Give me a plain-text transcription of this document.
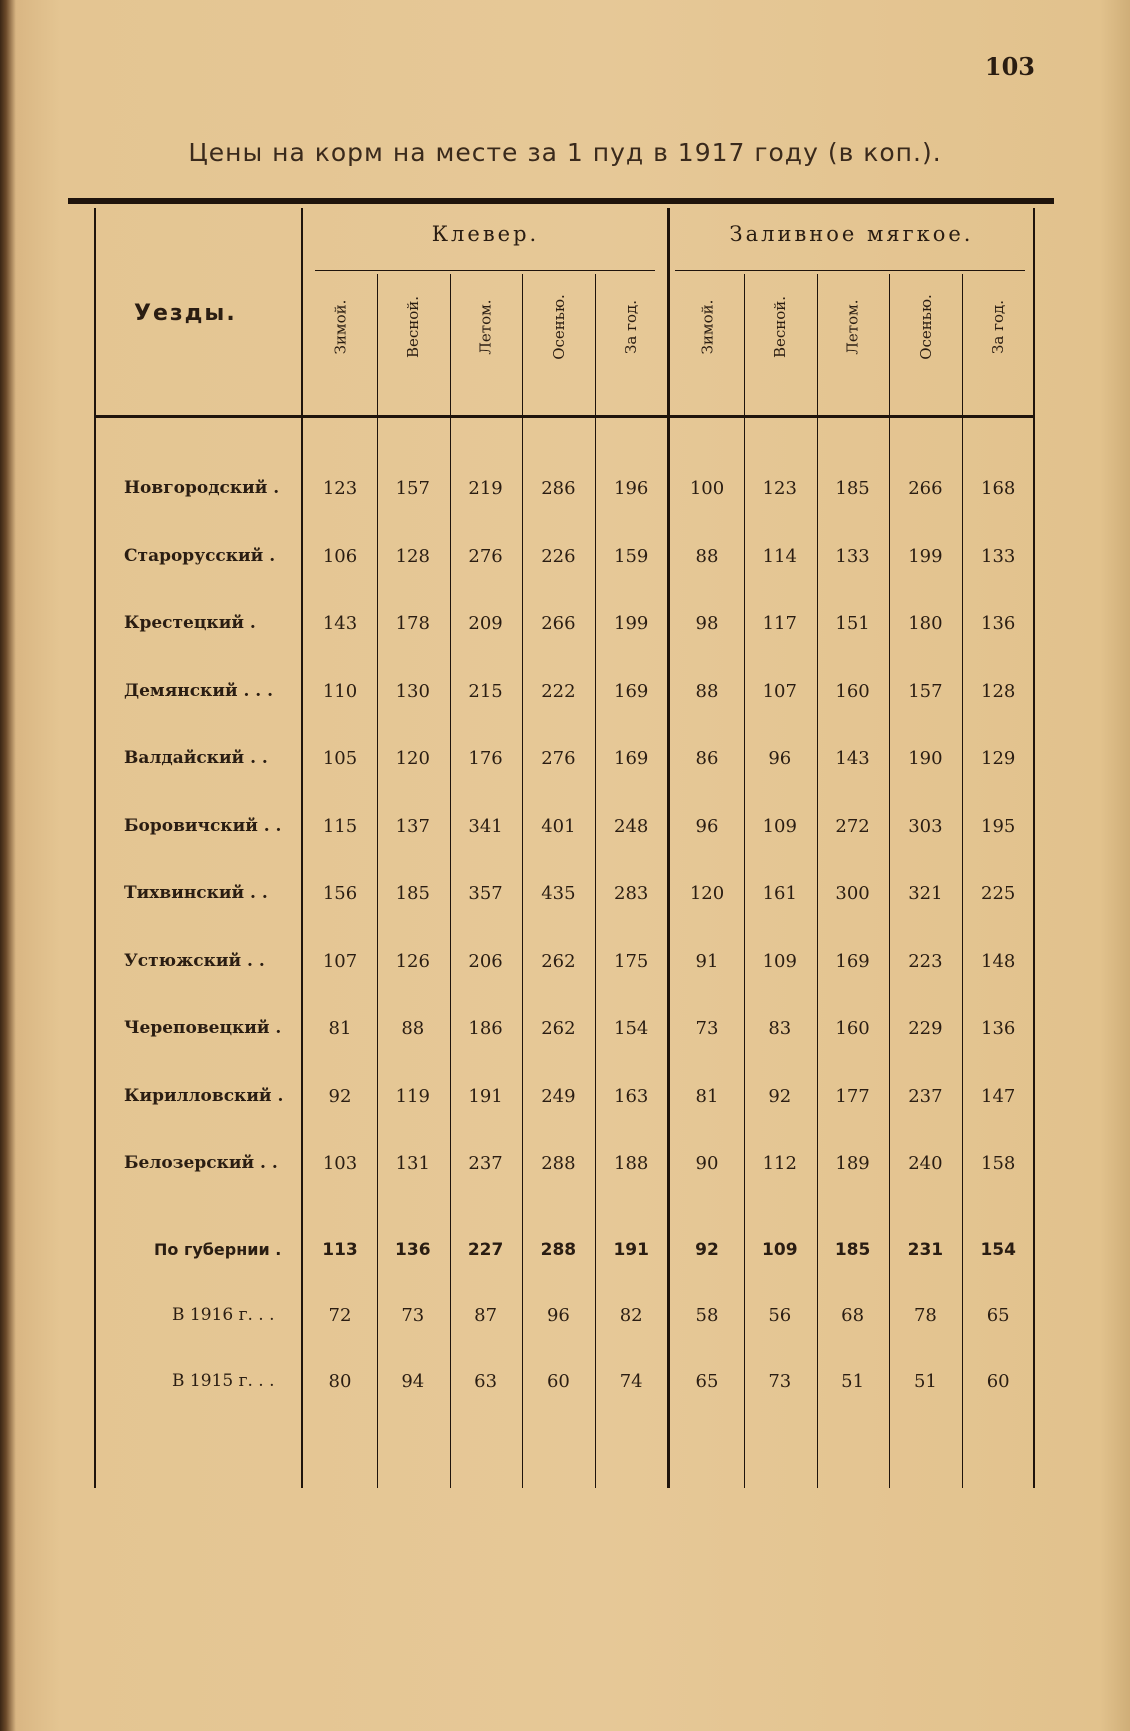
103
Цены на корм на месте за 1 пуд в 1917 году (в коп.).
Уезды.
Клевер.	Заливное мягкое.
Зимой.	Весной.	Летом.	Осенью.	За год.	Зимой.	Весной.	Летом.	Осенью.	За год.
Новгородский .	123	157	219	286	196	100	123	185	266	168
Старорусский .	106	128	276	226	159	88	114	133	199	133
Крестецкий .	143	178	209	266	199	98	117	151	180	136
Демянский . . .	110	130	215	222	169	88	107	160	157	128
Валдайский . .	105	120	176	276	169	86	96	143	190	129
Боровичский . .	115	137	341	401	248	96	109	272	303	195
Тихвинский . .	156	185	357	435	283	120	161	300	321	225
Устюжский . .	107	126	206	262	175	91	109	169	223	148
Череповецкий .	81	88	186	262	154	73	83	160	229	136
Кирилловский .	92	119	191	249	163	81	92	177	237	147
Белозерский . .	103	131	237	288	188	90	112	189	240	158
По губернии .	113	136	227	288	191	92	109	185	231	154
В 1916 г. . .	72	73	87	96	82	58	56	68	78	65
В 1915 г. . .	80	94	63	60	74	65	73	51	51	60
